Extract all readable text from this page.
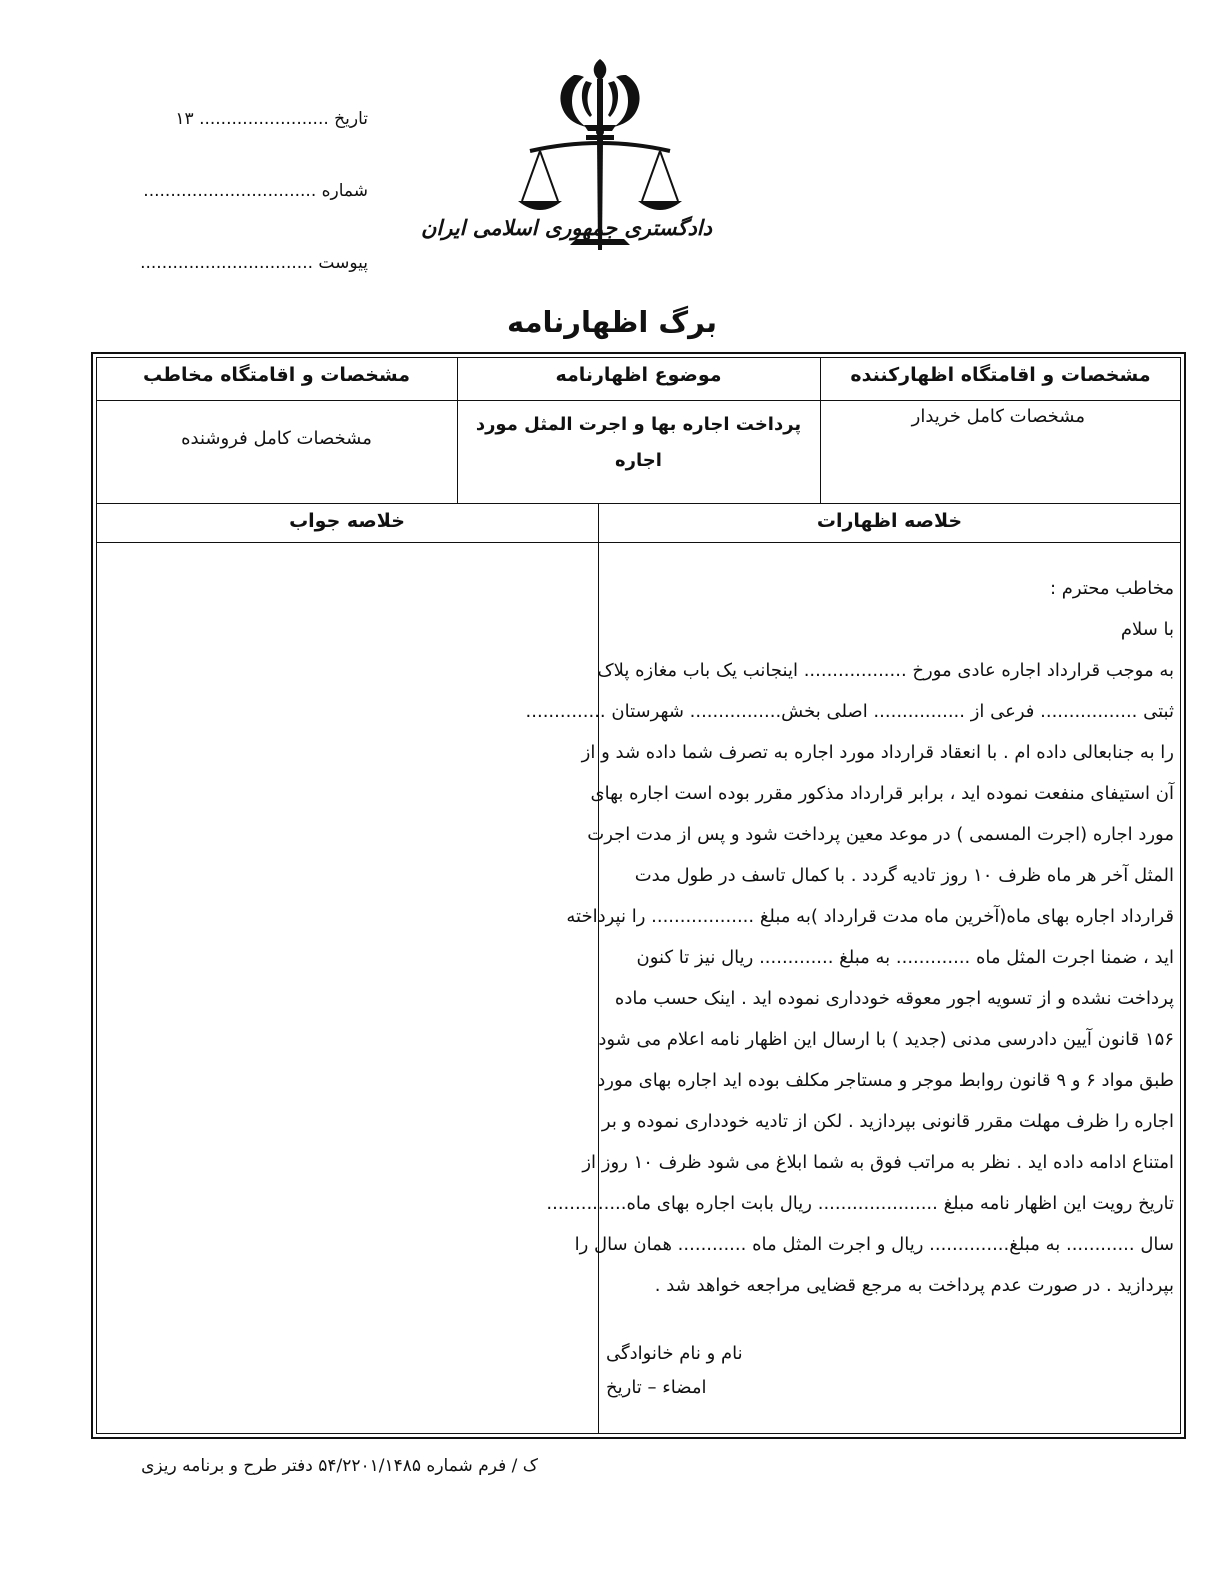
تاریخ ........................ ۱۳
شماره ................................
پیوست ................................
دادگستری جمهوری اسلامی ایران
برگ اظهارنامه
مشخصات و اقامتگاه اظهارکننده
موضوع اظهارنامه
مشخصات و اقامتگاه مخاطب
مشخصات کامل خریدار
پرداخت اجاره بها و اجرت المثل مورد اجاره
مشخصات کامل فروشنده
خلاصه اظهارات
خلاصه جواب
مخاطب محترم :
با سلام
به موجب قرارداد اجاره عادی مورخ .................. اینجانب یک باب مغازه پلاک
ثبتی ................. فرعی از ................ اصلی بخش................ شهرستان ..............
را به جنابعالی داده ام . با انعقاد قرارداد مورد اجاره به تصرف شما داده شد و از
آن استیفای منفعت نموده اید ، برابر قرارداد مذکور مقرر بوده است اجاره بهای
مورد اجاره (اجرت المسمی ) در موعد معین پرداخت شود و پس از مدت اجرت
المثل آخر هر ماه ظرف ۱۰ روز تادیه گردد . با کمال تاسف در طول مدت
قرارداد اجاره بهای ماه(آخرین ماه مدت قرارداد )به مبلغ .................. را نپرداخته
اید ، ضمنا اجرت المثل ماه ............. به مبلغ ............. ریال نیز تا کنون
پرداخت نشده و از تسویه اجور معوقه خودداری نموده اید . اینک حسب ماده
۱۵۶ قانون آیین دادرسی مدنی (جدید ) با ارسال این اظهار نامه اعلام می شود
طبق مواد ۶ و ۹ قانون روابط موجر و مستاجر مکلف بوده اید اجاره بهای مورد
اجاره را ظرف مهلت مقرر قانونی بپردازید . لکن از تادیه خودداری نموده و بر
امتناع ادامه داده اید . نظر به مراتب فوق به شما ابلاغ می شود ظرف ۱۰ روز از
تاریخ رویت این اظهار نامه مبلغ ..................... ریال بابت اجاره بهای ماه..............
سال ............ به مبلغ.............. ریال و اجرت المثل ماه ............ همان سال را
بپردازید . در صورت عدم پرداخت به مرجع قضایی مراجعه خواهد شد .
نام و نام خانوادگی
امضاء – تاریخ
ک / فرم شماره ۵۴/۲۲۰۱/۱۴۸۵ دفتر طرح و برنامه ریزی
